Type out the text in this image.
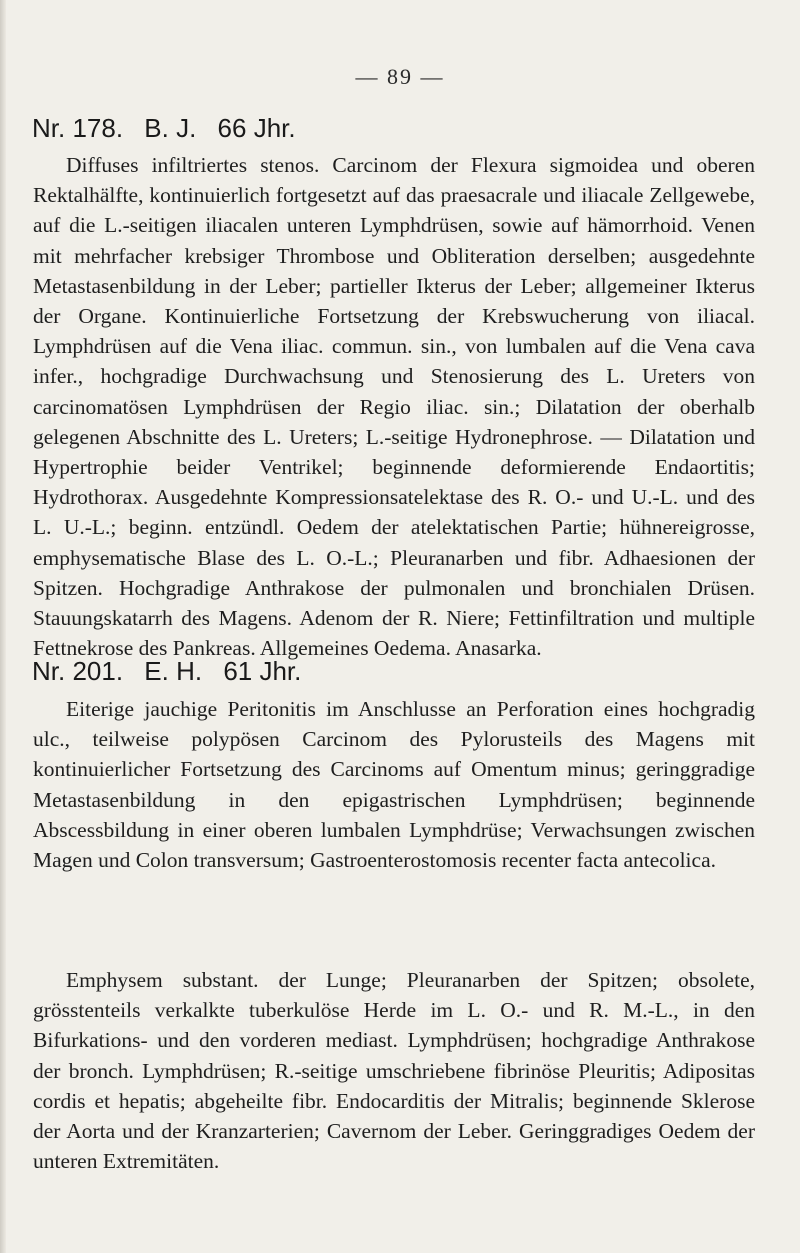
— 89 —
Nr. 178. B. J. 66 Jhr.

Diffuses infiltriertes stenos. Carcinom der Flexura sigmoidea und oberen Rektalhälfte, kontinuierlich fortgesetzt auf das praesacrale und iliacale Zellgewebe, auf die L.-seitigen iliacalen unteren Lymphdrüsen, sowie auf hämorrhoid. Venen mit mehrfacher krebsiger Thrombose und Obliteration derselben; ausgedehnte Metastasenbildung in der Leber; partieller Ikterus der Leber; allgemeiner Ikterus der Organe. Kontinuierliche Fortsetzung der Krebswucherung von iliacal. Lymphdrüsen auf die Vena iliac. commun. sin., von lumbalen auf die Vena cava infer., hochgradige Durchwachsung und Stenosierung des L. Ureters von carcinomatösen Lymphdrüsen der Regio iliac. sin.; Dilatation der oberhalb gelegenen Abschnitte des L. Ureters; L.-seitige Hydronephrose. — Dilatation und Hypertrophie beider Ventrikel; beginnende deformierende Endaortitis; Hydrothorax. Ausgedehnte Kompressionsatelektase des R. O.- und U.-L. und des L. U.-L.; beginn. entzündl. Oedem der atelektatischen Partie; hühnereigrosse, emphysematische Blase des L. O.-L.; Pleuranarben und fibr. Adhaesionen der Spitzen. Hochgradige Anthrakose der pulmonalen und bronchialen Drüsen. Stauungskatarrh des Magens. Adenom der R. Niere; Fettinfiltration und multiple Fettnekrose des Pankreas. Allgemeines Oedema. Anasarka.

Nr. 201. E. H. 61 Jhr.

Eiterige jauchige Peritonitis im Anschlusse an Perforation eines hochgradig ulc., teilweise polypösen Carcinom des Pylorusteils des Magens mit kontinuierlicher Fortsetzung des Carcinoms auf Omentum minus; geringgradige Metastasenbildung in den epigastrischen Lymphdrüsen; beginnende Abscessbildung in einer oberen lumbalen Lymphdrüse; Verwachsungen zwischen Magen und Colon transversum; Gastroenterostomosis recenter facta antecolica.

Emphysem substant. der Lunge; Pleuranarben der Spitzen; obsolete, grösstenteils verkalkte tuberkulöse Herde im L. O.- und R. M.-L., in den Bifurkations- und den vorderen mediast. Lymphdrüsen; hochgradige Anthrakose der bronch. Lymphdrüsen; R.-seitige umschriebene fibrinöse Pleuritis; Adipositas cordis et hepatis; abgeheilte fibr. Endocarditis der Mitralis; beginnende Sklerose der Aorta und der Kranzarterien; Cavernom der Leber. Geringgradiges Oedem der unteren Extremitäten.
